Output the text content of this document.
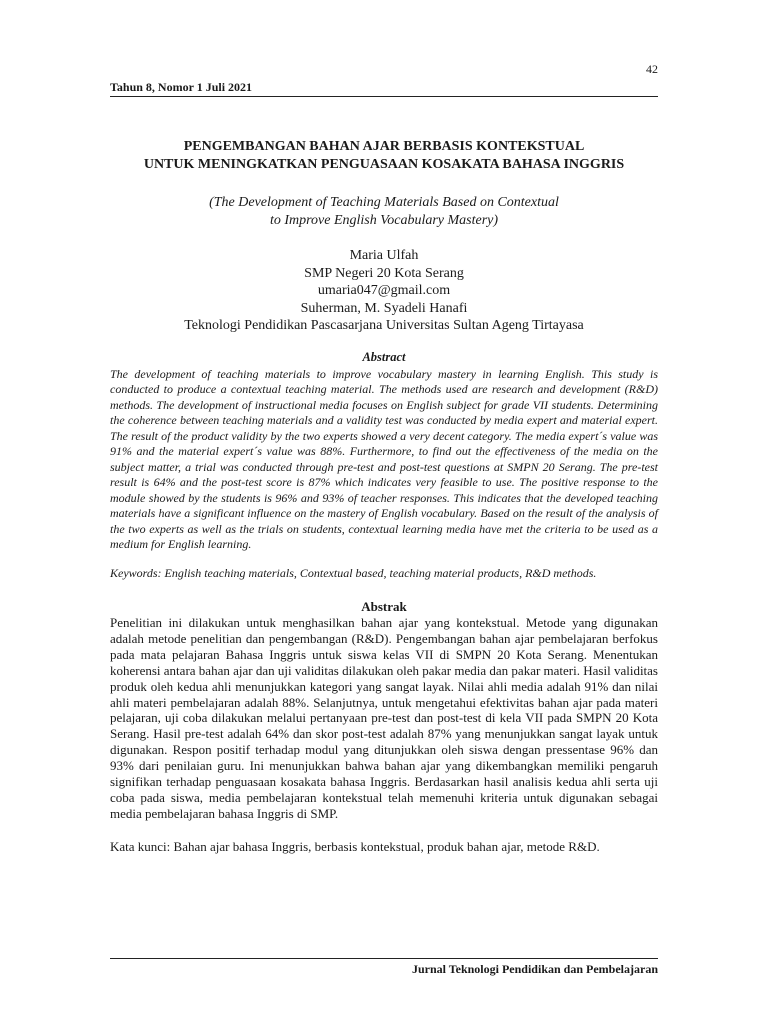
42
Tahun 8, Nomor 1 Juli 2021
PENGEMBANGAN BAHAN AJAR BERBASIS KONTEKSTUAL
UNTUK MENINGKATKAN PENGUASAAN KOSAKATA BAHASA INGGRIS
(The Development of Teaching Materials Based on Contextual
to Improve English Vocabulary Mastery)
Maria Ulfah
SMP Negeri 20 Kota Serang
umaria047@gmail.com
Suherman, M. Syadeli Hanafi
Teknologi Pendidikan Pascasarjana Universitas Sultan Ageng Tirtayasa
Abstract

The development of teaching materials to improve vocabulary mastery in learning English. This study is conducted to produce a contextual teaching material. The methods used are research and development (R&D) methods. The development of instructional media focuses on English subject for grade VII students. Determining the coherence between teaching materials and a validity test was conducted by media expert and material expert. The result of the product validity by the two experts showed a very decent category. The media expert´s value was 91% and the material expert´s value was 88%. Furthermore, to find out the effectiveness of the media on the subject matter, a trial was conducted through pre-test and post-test questions at SMPN 20 Serang. The pre-test result is 64% and the post-test score is 87% which indicates very feasible to use. The positive response to the module showed by the students is 96% and 93% of teacher responses. This indicates that the developed teaching materials have a significant influence on the mastery of English vocabulary. Based on the result of the analysis of the two experts as well as the trials on students, contextual learning media have met the criteria to be used as a medium for English learning.

Keywords: English teaching materials, Contextual based, teaching material products, R&D methods.

Abstrak

Penelitian ini dilakukan untuk menghasilkan bahan ajar yang kontekstual. Metode yang digunakan adalah metode penelitian dan pengembangan (R&D). Pengembangan bahan ajar pembelajaran berfokus pada mata pelajaran Bahasa Inggris untuk siswa kelas VII di SMPN 20 Kota Serang. Menentukan koherensi antara bahan ajar dan uji validitas dilakukan oleh pakar media dan pakar materi. Hasil validitas produk oleh kedua ahli menunjukkan kategori yang sangat layak. Nilai ahli media adalah 91% dan nilai ahli materi pembelajaran adalah 88%. Selanjutnya, untuk mengetahui efektivitas bahan ajar pada materi pelajaran, uji coba dilakukan melalui pertanyaan pre-test dan post-test di kela VII pada SMPN 20 Kota Serang. Hasil pre-test adalah 64% dan skor post-test adalah 87% yang menunjukkan sangat layak untuk digunakan. Respon positif terhadap modul yang ditunjukkan oleh siswa dengan pressentase 96% dan 93% dari penilaian guru. Ini menunjukkan bahwa bahan ajar yang dikembangkan memiliki pengaruh signifikan terhadap penguasaan kosakata bahasa Inggris. Berdasarkan hasil analisis kedua ahli serta uji coba pada siswa, media pembelajaran kontekstual telah memenuhi kriteria untuk digunakan sebagai media pembelajaran bahasa Inggris di SMP.

Kata kunci: Bahan ajar bahasa Inggris, berbasis kontekstual, produk bahan ajar, metode R&D.

Jurnal Teknologi Pendidikan dan Pembelajaran
